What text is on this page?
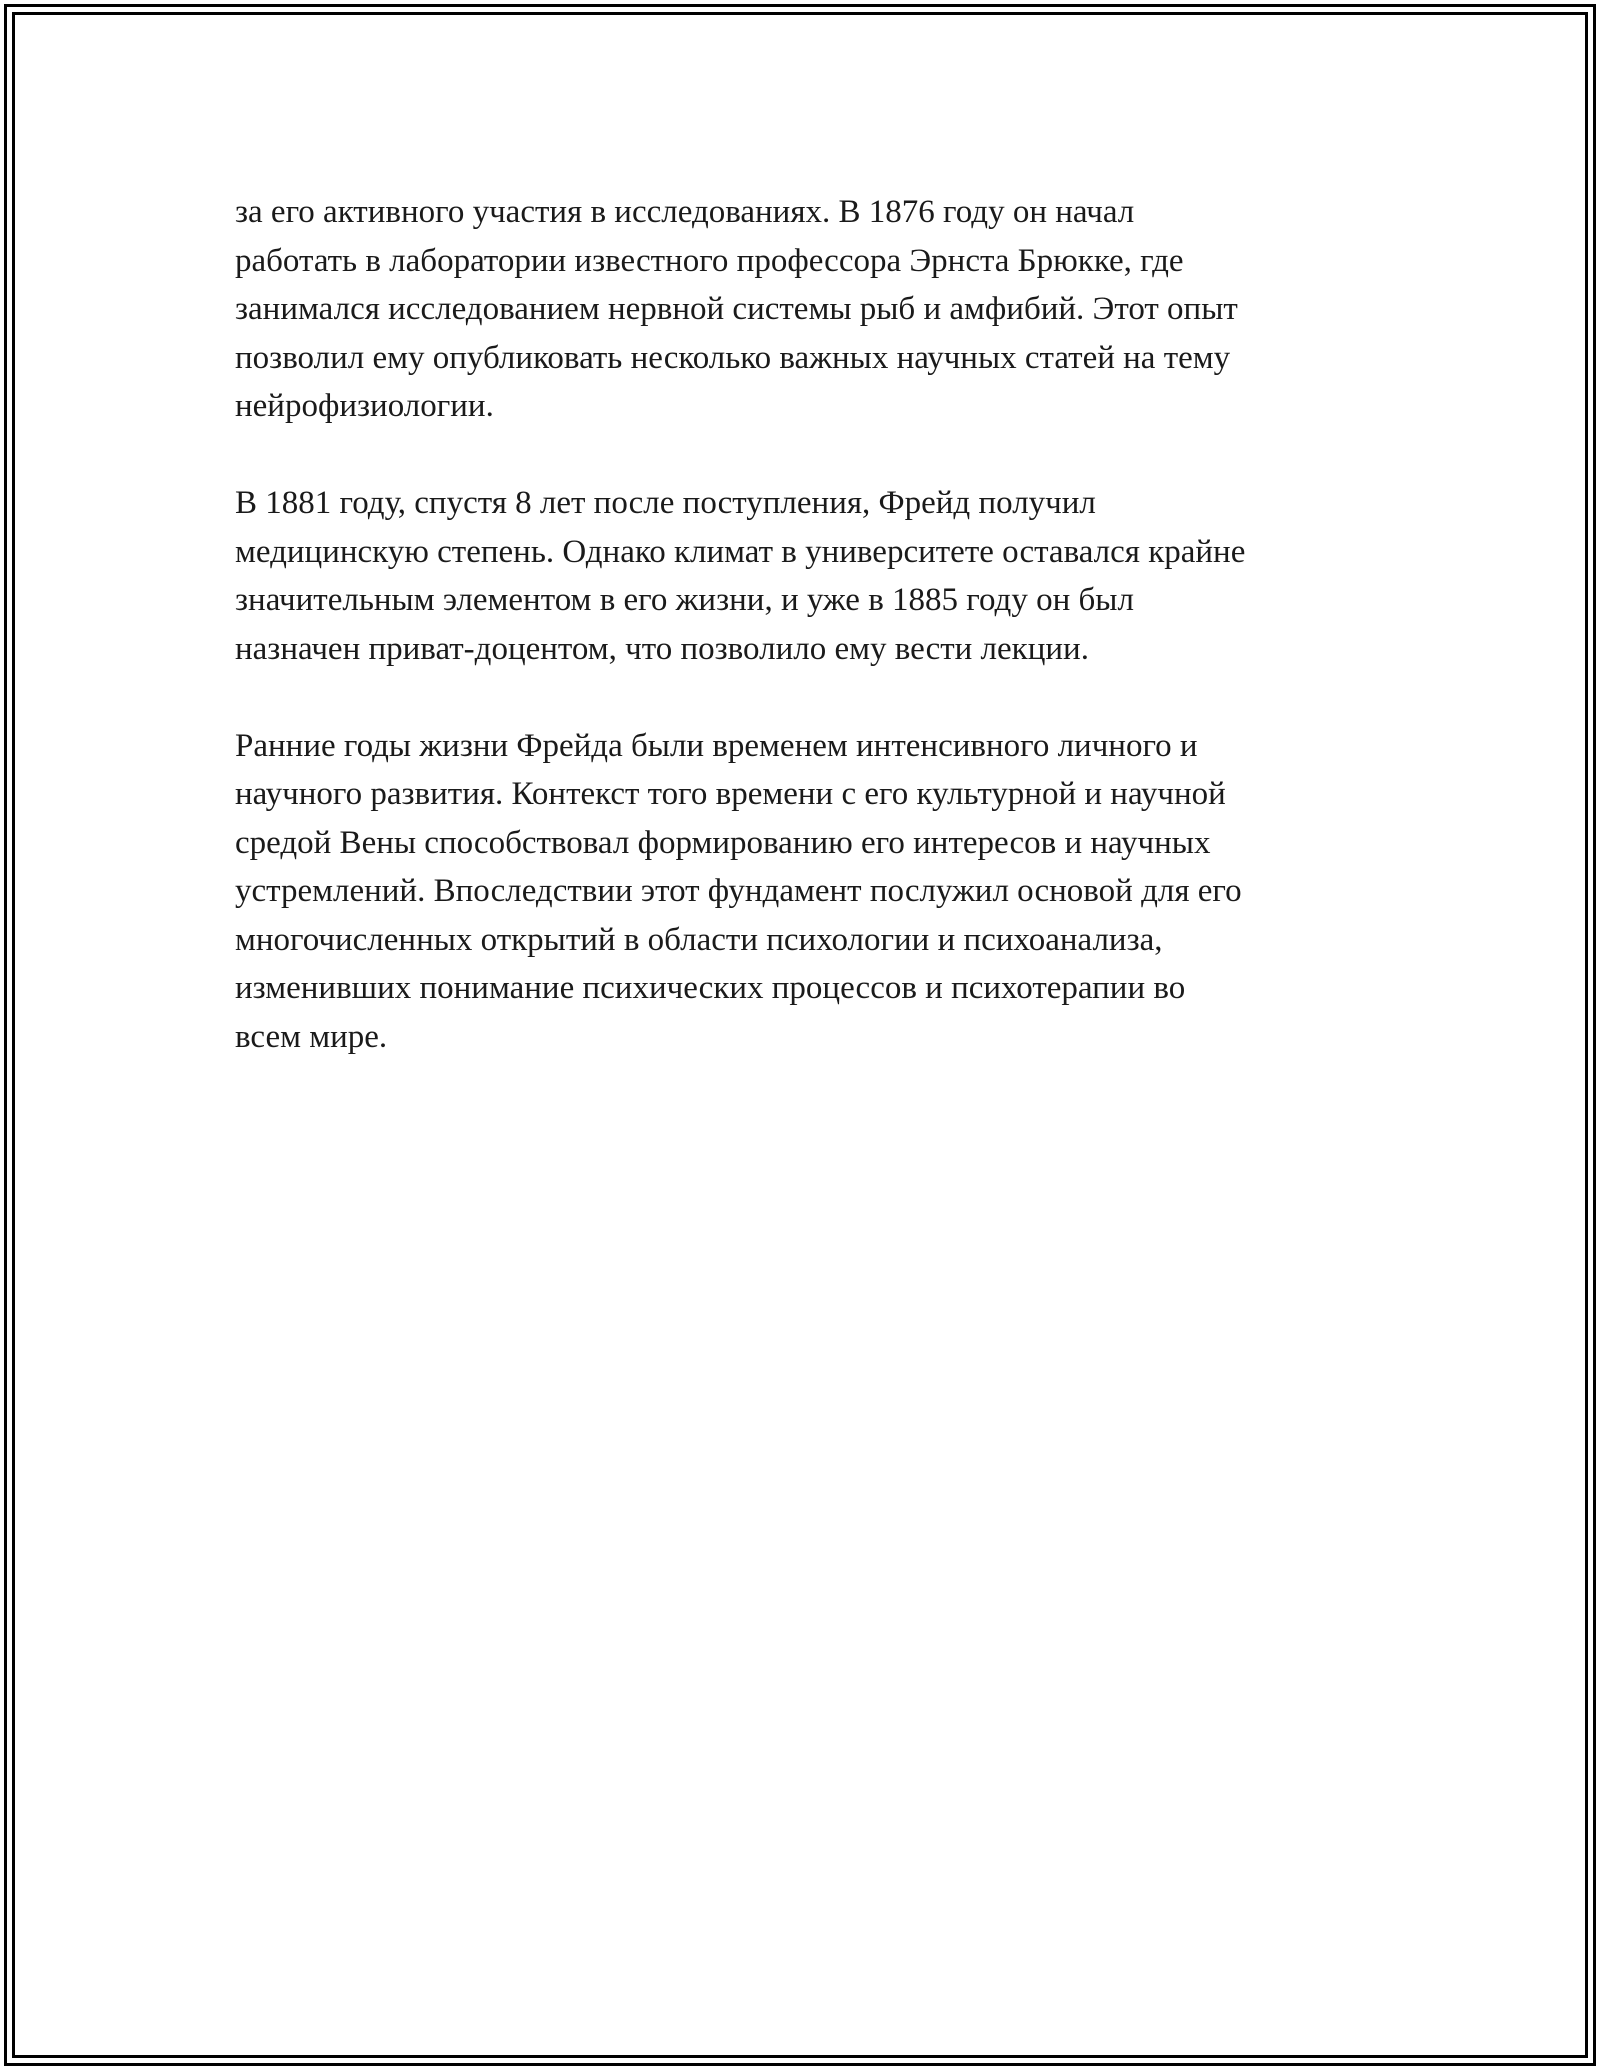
за его активного участия в исследованиях. В 1876 году он начал
работать в лаборатории известного профессора Эрнста Брюкке, где
занимался исследованием нервной системы рыб и амфибий. Этот опыт
позволил ему опубликовать несколько важных научных статей на тему
нейрофизиологии.

В 1881 году, спустя 8 лет после поступления, Фрейд получил
медицинскую степень. Однако климат в университете оставался крайне
значительным элементом в его жизни, и уже в 1885 году он был
назначен приват-доцентом, что позволило ему вести лекции.

Ранние годы жизни Фрейда были временем интенсивного личного и
научного развития. Контекст того времени с его культурной и научной
средой Вены способствовал формированию его интересов и научных
устремлений. Впоследствии этот фундамент послужил основой для его
многочисленных открытий в области психологии и психоанализа,
изменивших понимание психических процессов и психотерапии во
всем мире.
